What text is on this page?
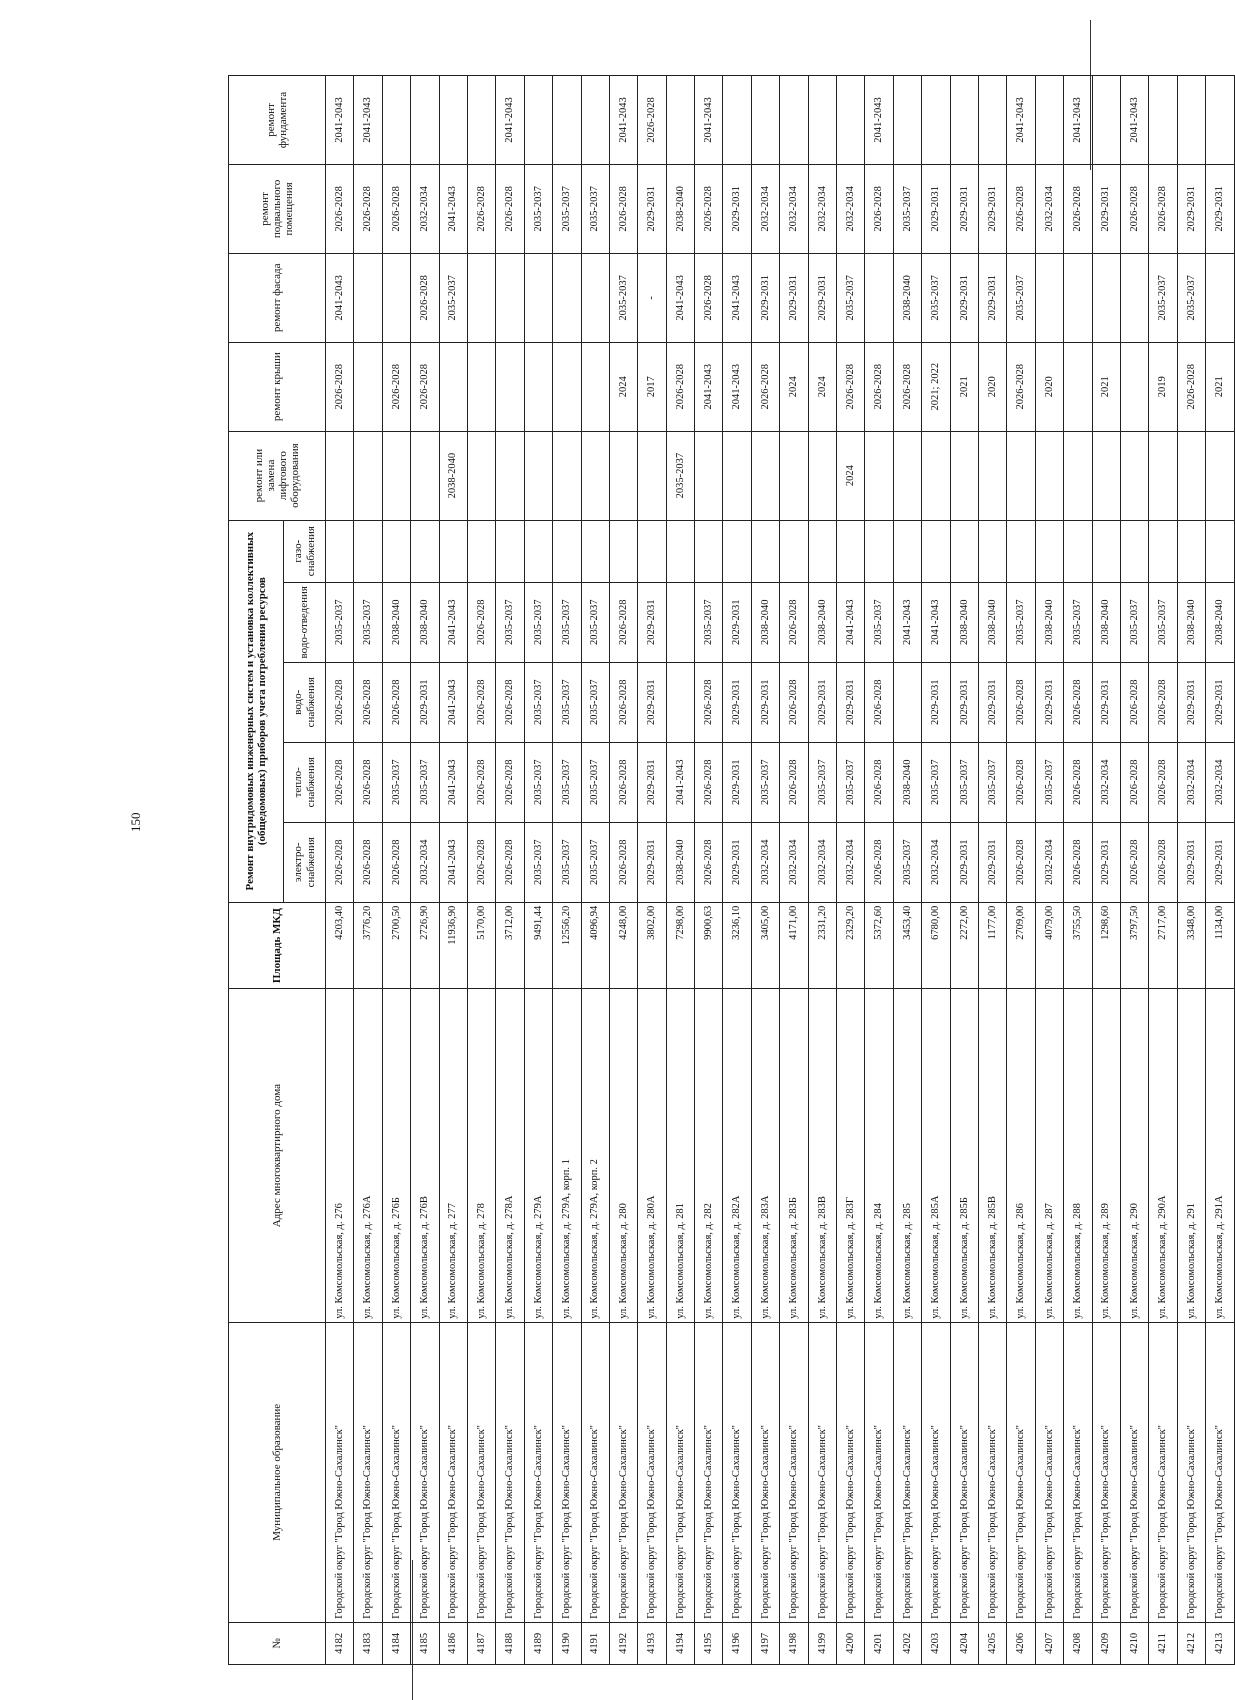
150
№	Муниципальное образование	Адрес многоквартирного дома	Площадь МКД	Ремонт внутридомовых инженерных систем и установка коллективных (общедомовых) приборов учета потребления ресурсов					ремонт или замена лифтового оборудования	ремонт крыши	ремонт фасада	ремонт подвального помещения	ремонт фундамента
				электро-снабжения	тепло-снабжения	водо-снабжения	водо-отведения	газо-снабжения					
4182	Городской округ "Город Южно-Сахалинск"	ул. Комсомольская, д. 276	4203,40	2026-2028	2026-2028	2026-2028	2035-2037			2026-2028	2041-2043	2026-2028	2041-2043
4183	Городской округ "Город Южно-Сахалинск"	ул. Комсомольская, д. 276А	3776,20	2026-2028	2026-2028	2026-2028	2035-2037					2026-2028	2041-2043
4184	Городской округ "Город Южно-Сахалинск"	ул. Комсомольская, д. 276Б	2700,50	2026-2028	2035-2037	2026-2028	2038-2040			2026-2028		2026-2028	
4185	Городской округ "Город Южно-Сахалинск"	ул. Комсомольская, д. 276В	2726,90	2032-2034	2035-2037	2029-2031	2038-2040			2026-2028	2026-2028	2032-2034	
4186	Городской округ "Город Южно-Сахалинск"	ул. Комсомольская, д. 277	11936,90	2041-2043	2041-2043	2041-2043	2041-2043		2038-2040		2035-2037	2041-2043	
4187	Городской округ "Город Южно-Сахалинск"	ул. Комсомольская, д. 278	5170,00	2026-2028	2026-2028	2026-2028	2026-2028					2026-2028	
4188	Городской округ "Город Южно-Сахалинск"	ул. Комсомольская, д. 278А	3712,00	2026-2028	2026-2028	2026-2028	2035-2037					2026-2028	2041-2043
4189	Городской округ "Город Южно-Сахалинск"	ул. Комсомольская, д. 279А	9491,44	2035-2037	2035-2037	2035-2037	2035-2037					2035-2037	
4190	Городской округ "Город Южно-Сахалинск"	ул. Комсомольская, д. 279А, корп. 1	12556,20	2035-2037	2035-2037	2035-2037	2035-2037					2035-2037	
4191	Городской округ "Город Южно-Сахалинск"	ул. Комсомольская, д. 279А, корп. 2	4096,94	2035-2037	2035-2037	2035-2037	2035-2037					2035-2037	
4192	Городской округ "Город Южно-Сахалинск"	ул. Комсомольская, д. 280	4248,00	2026-2028	2026-2028	2026-2028	2026-2028			2024	2035-2037	2026-2028	2041-2043
4193	Городской округ "Город Южно-Сахалинск"	ул. Комсомольская, д. 280А	3802,00	2029-2031	2029-2031	2029-2031	2029-2031			2017	-	2029-2031	2026-2028
4194	Городской округ "Город Южно-Сахалинск"	ул. Комсомольская, д. 281	7298,00	2038-2040	2041-2043				2035-2037	2026-2028	2041-2043	2038-2040	
4195	Городской округ "Город Южно-Сахалинск"	ул. Комсомольская, д. 282	9900,63	2026-2028	2026-2028	2026-2028	2035-2037			2041-2043	2026-2028	2026-2028	2041-2043
4196	Городской округ "Город Южно-Сахалинск"	ул. Комсомольская, д. 282А	3236,10	2029-2031	2029-2031	2029-2031	2029-2031			2041-2043	2041-2043	2029-2031	
4197	Городской округ "Город Южно-Сахалинск"	ул. Комсомольская, д. 283А	3405,00	2032-2034	2035-2037	2029-2031	2038-2040			2026-2028	2029-2031	2032-2034	
4198	Городской округ "Город Южно-Сахалинск"	ул. Комсомольская, д. 283Б	4171,00	2032-2034	2026-2028	2026-2028	2026-2028			2024	2029-2031	2032-2034	
4199	Городской округ "Город Южно-Сахалинск"	ул. Комсомольская, д. 283В	2331,20	2032-2034	2035-2037	2029-2031	2038-2040			2024	2029-2031	2032-2034	
4200	Городской округ "Город Южно-Сахалинск"	ул. Комсомольская, д. 283Г	2329,20	2032-2034	2035-2037	2029-2031	2041-2043		2024	2026-2028	2035-2037	2032-2034	
4201	Городской округ "Город Южно-Сахалинск"	ул. Комсомольская, д. 284	5372,60	2026-2028	2026-2028	2026-2028	2035-2037			2026-2028		2026-2028	2041-2043
4202	Городской округ "Город Южно-Сахалинск"	ул. Комсомольская, д. 285	3453,40	2035-2037	2038-2040		2041-2043			2026-2028	2038-2040	2035-2037	
4203	Городской округ "Город Южно-Сахалинск"	ул. Комсомольская, д. 285А	6780,00	2032-2034	2035-2037	2029-2031	2041-2043			2021; 2022	2035-2037	2029-2031	
4204	Городской округ "Город Южно-Сахалинск"	ул. Комсомольская, д. 285Б	2272,00	2029-2031	2035-2037	2029-2031	2038-2040			2021	2029-2031	2029-2031	
4205	Городской округ "Город Южно-Сахалинск"	ул. Комсомольская, д. 285В	1177,00	2029-2031	2035-2037	2029-2031	2038-2040			2020	2029-2031	2029-2031	
4206	Городской округ "Город Южно-Сахалинск"	ул. Комсомольская, д. 286	2709,00	2026-2028	2026-2028	2026-2028	2035-2037			2026-2028	2035-2037	2026-2028	2041-2043
4207	Городской округ "Город Южно-Сахалинск"	ул. Комсомольская, д. 287	4079,00	2032-2034	2035-2037	2029-2031	2038-2040			2020		2032-2034	
4208	Городской округ "Город Южно-Сахалинск"	ул. Комсомольская, д. 288	3755,50	2026-2028	2026-2028	2026-2028	2035-2037					2026-2028	2041-2043
4209	Городской округ "Город Южно-Сахалинск"	ул. Комсомольская, д. 289	1298,60	2029-2031	2032-2034	2029-2031	2038-2040			2021		2029-2031	
4210	Городской округ "Город Южно-Сахалинск"	ул. Комсомольская, д. 290	3797,50	2026-2028	2026-2028	2026-2028	2035-2037					2026-2028	2041-2043
4211	Городской округ "Город Южно-Сахалинск"	ул. Комсомольская, д. 290А	2717,00	2026-2028	2026-2028	2026-2028	2035-2037			2019	2035-2037	2026-2028	
4212	Городской округ "Город Южно-Сахалинск"	ул. Комсомольская, д. 291	3348,00	2029-2031	2032-2034	2029-2031	2038-2040			2026-2028	2035-2037	2029-2031	
4213	Городской округ "Город Южно-Сахалинск"	ул. Комсомольская, д. 291А	1134,00	2029-2031	2032-2034	2029-2031	2038-2040			2021		2029-2031	
